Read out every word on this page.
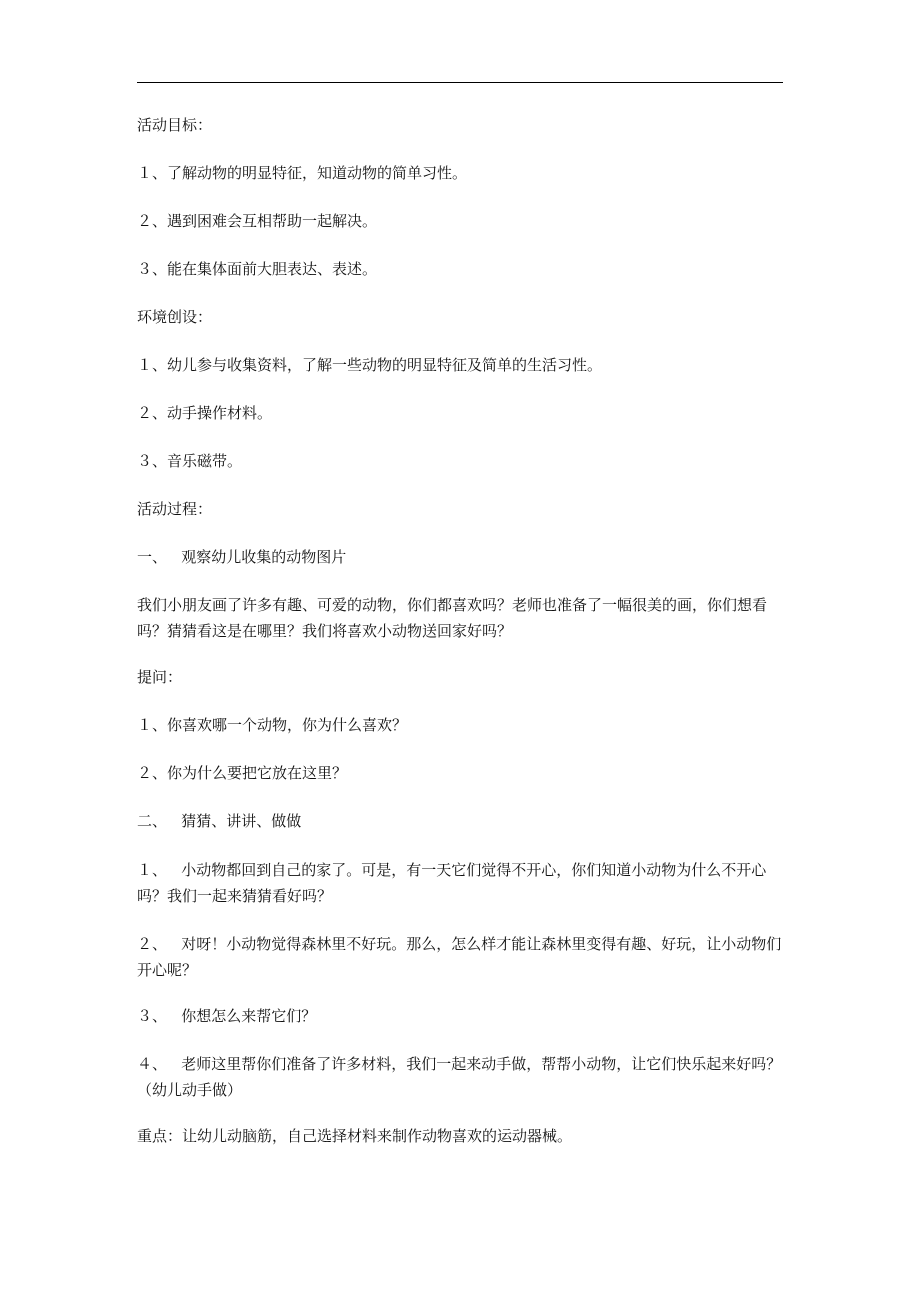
活动目标：
１、了解动物的明显特征，知道动物的简单习性。
２、遇到困难会互相帮助一起解决。
３、能在集体面前大胆表达、表述。
环境创设：
１、幼儿参与收集资料，了解一些动物的明显特征及简单的生活习性。
２、动手操作材料。
３、音乐磁带。
活动过程：
一、   观察幼儿收集的动物图片
我们小朋友画了许多有趣、可爱的动物，你们都喜欢吗？老师也准备了一幅很美的画，你们想看吗？猜猜看这是在哪里？我们将喜欢小动物送回家好吗？
提问：
１、你喜欢哪一个动物，你为什么喜欢？
２、你为什么要把它放在这里？
二、   猜猜、讲讲、做做
１、   小动物都回到自己的家了。可是，有一天它们觉得不开心，你们知道小动物为什么不开心吗？我们一起来猜猜看好吗？
２、   对呀！小动物觉得森林里不好玩。那么，怎么样才能让森林里变得有趣、好玩，让小动物们开心呢？
３、   你想怎么来帮它们？
４、   老师这里帮你们准备了许多材料，我们一起来动手做，帮帮小动物，让它们快乐起来好吗？（幼儿动手做）
重点：让幼儿动脑筋，自己选择材料来制作动物喜欢的运动器械。
